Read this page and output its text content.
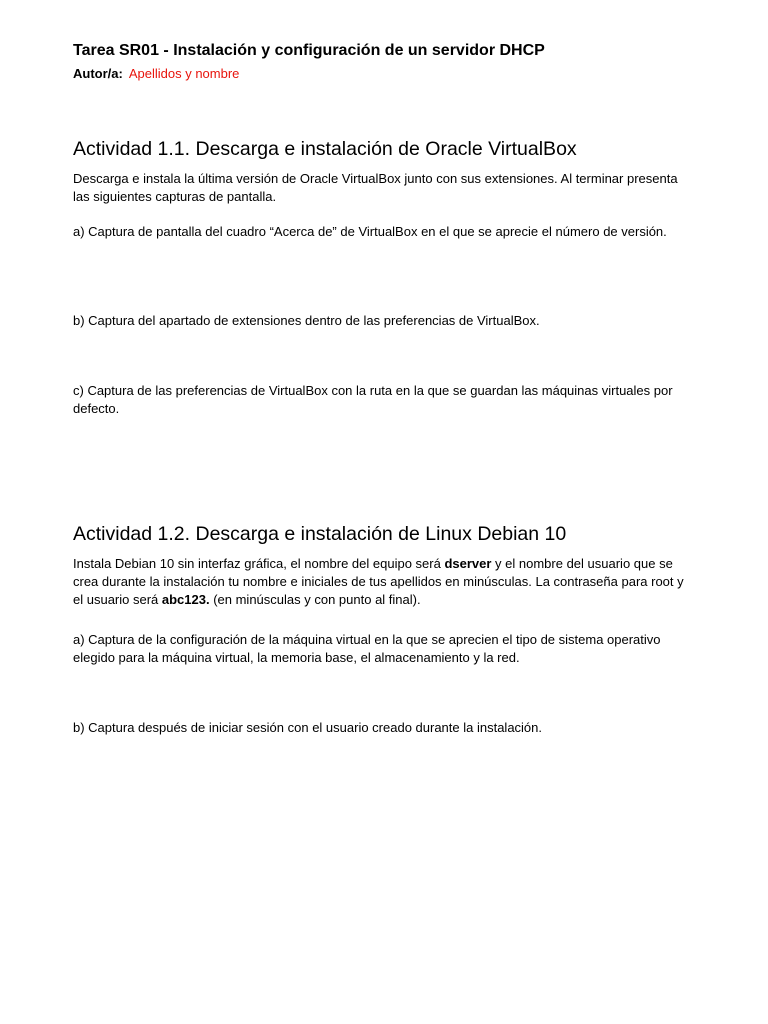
Tarea SR01 - Instalación y configuración de un servidor DHCP
Autor/a: Apellidos y nombre
Actividad 1.1. Descarga e instalación de Oracle VirtualBox
Descarga e instala la última versión de Oracle VirtualBox junto con sus extensiones. Al terminar presenta las siguientes capturas de pantalla.
a) Captura de pantalla del cuadro “Acerca de” de VirtualBox en el que se aprecie el número de versión.
b) Captura del apartado de extensiones dentro de las preferencias de VirtualBox.
c) Captura de las preferencias de VirtualBox con la ruta en la que se guardan las máquinas virtuales por defecto.
Actividad 1.2. Descarga e instalación de Linux Debian 10
Instala Debian 10 sin interfaz gráfica, el nombre del equipo será dserver y el nombre del usuario que se crea durante la instalación tu nombre e iniciales de tus apellidos en minúsculas. La contraseña para root y el usuario será abc123. (en minúsculas y con punto al final).
a) Captura de la configuración de la máquina virtual en la que se aprecien el tipo de sistema operativo elegido para la máquina virtual, la memoria base, el almacenamiento y la red.
b) Captura después de iniciar sesión con el usuario creado durante la instalación.
